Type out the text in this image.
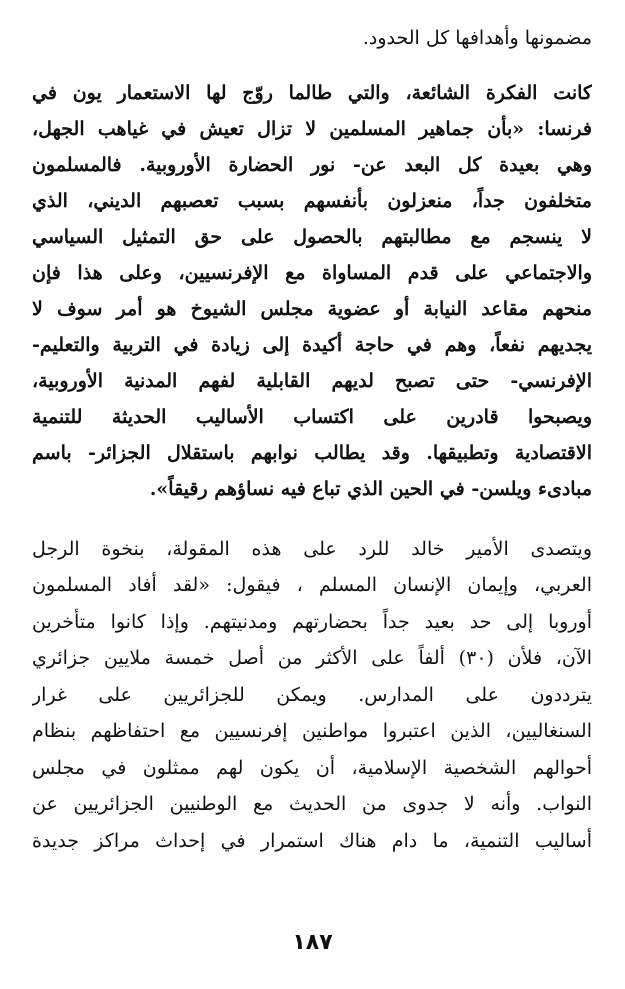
مضمونها وأهدافها كل الحدود.
كانت الفكرة الشائعة، والتي طالما روّج لها الاستعمار يون في
فرنسا: «بأن جماهير المسلمين لا تزال تعيش في غياهب الجهل،
وهي بعيدة كل البعد عن- نور الحضارة الأوروبية. فالمسلمون
متخلفون جداً، منعزلون بأنفسهم بسبب تعصبهم الديني، الذي
لا ينسجم مع مطالبتهم بالحصول على حق التمثيل السياسي
والاجتماعي على قدم المساواة مع الإفرنسيين، وعلى هذا فإن
منحهم مقاعد النيابة أو عضوية مجلس الشيوخ هو أمر سوف لا
يجديهم نفعاً، وهم في حاجة أكيدة إلى زيادة في التربية والتعليم-
الإفرنسي- حتى تصبح لديهم القابلية لفهم المدنية الأوروبية،
ويصبحوا قادرين على اكتساب الأساليب الحديثة للتنمية
الاقتصادية وتطبيقها. وقد يطالب نوابهم باستقلال الجزائر- باسم
مبادىء ويلسن- في الحين الذي تباع فيه نساؤهم رقيقاً».
ويتصدى الأمير خالد للرد على هذه المقولة، بنخوة الرجل
العربي، وإيمان الإنسان المسلم ، فيقول: «لقد أفاد المسلمون
أوروبا إلى حد بعيد جداً بحضارتهم ومدنيتهم. وإذا كانوا متأخرين
الآن، فلأن (٣٠) ألفاً على الأكثر من أصل خمسة ملايين جزائري
يترددون على المدارس. ويمكن للجزائريين على غرار
السنغاليين، الذين اعتبروا مواطنين إفرنسيين مع احتفاظهم بنظام
أحوالهم الشخصية الإسلامية، أن يكون لهم ممثلون في مجلس
النواب. وأنه لا جدوى من الحديث مع الوطنيين الجزائريين عن
أساليب التنمية، ما دام هناك استمرار في إحداث مراكز جديدة
١٨٧
